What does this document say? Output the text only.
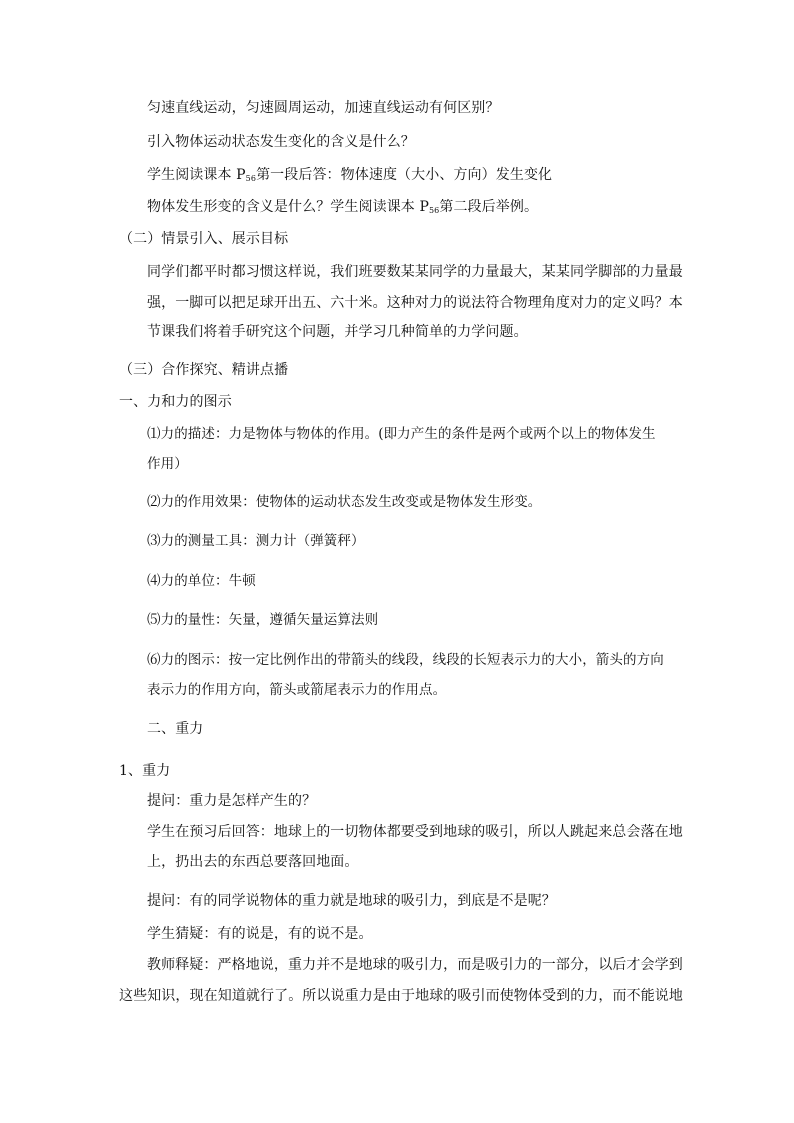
匀速直线运动，匀速圆周运动，加速直线运动有何区别？
引入物体运动状态发生变化的含义是什么？
学生阅读课本 $P_{56}$第一段后答：物体速度（大小、方向）发生变化
物体发生形变的含义是什么？学生阅读课本 $P_{56}$第二段后举例。
（二）情景引入、展示目标
同学们都平时都习惯这样说，我们班要数某某同学的力量最大，某某同学脚部的力量最
强，一脚可以把足球开出五、六十米。这种对力的说法符合物理角度对力的定义吗？本
节课我们将着手研究这个问题，并学习几种简单的力学问题。
（三）合作探究、精讲点播
一、力和力的图示
⑴力的描述：力是物体与物体的作用。(即力产生的条件是两个或两个以上的物体发生
作用）
⑵力的作用效果：使物体的运动状态发生改变或是物体发生形变。
⑶力的测量工具：测力计（弹簧秤）
⑷力的单位：牛顿
⑸力的量性：矢量，遵循矢量运算法则
⑹力的图示：按一定比例作出的带箭头的线段，线段的长短表示力的大小，箭头的方向
表示力的作用方向，箭头或箭尾表示力的作用点。
二、重力
1、重力
提问：重力是怎样产生的？
学生在预习后回答：地球上的一切物体都要受到地球的吸引，所以人跳起来总会落在地
上，扔出去的东西总要落回地面。
提问：有的同学说物体的重力就是地球的吸引力，到底是不是呢？
学生猜疑：有的说是，有的说不是。
教师释疑：严格地说，重力并不是地球的吸引力，而是吸引力的一部分，以后才会学到
这些知识，现在知道就行了。所以说重力是由于地球的吸引而使物体受到的力，而不能说地
